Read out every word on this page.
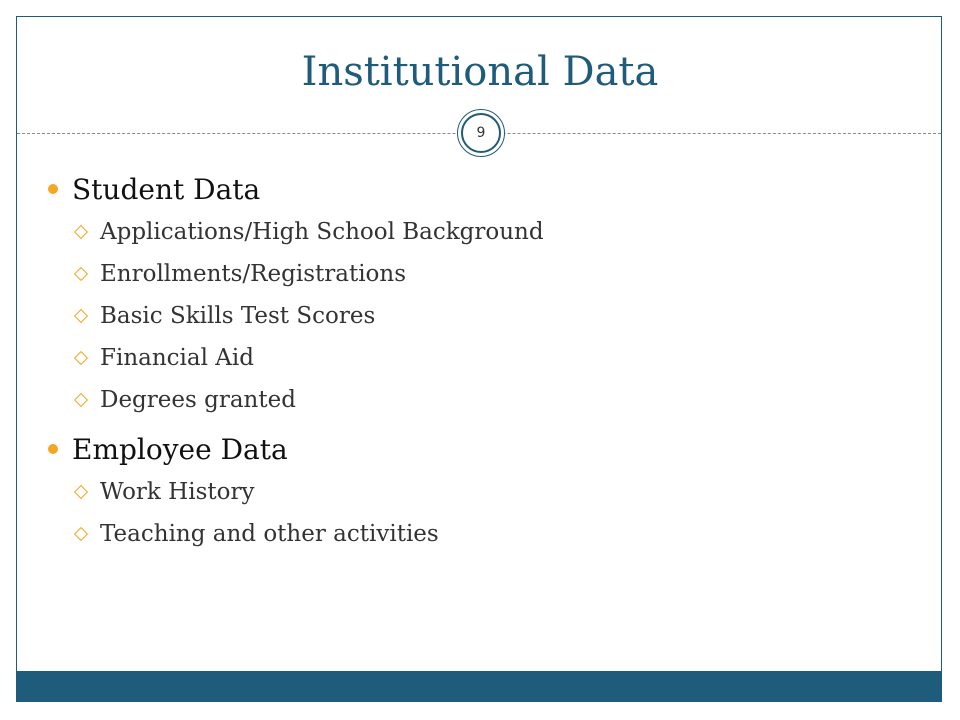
Institutional Data
9
Student Data
Applications/High School Background
Enrollments/Registrations
Basic Skills Test Scores
Financial Aid
Degrees granted
Employee Data
Work History
Teaching and other activities
